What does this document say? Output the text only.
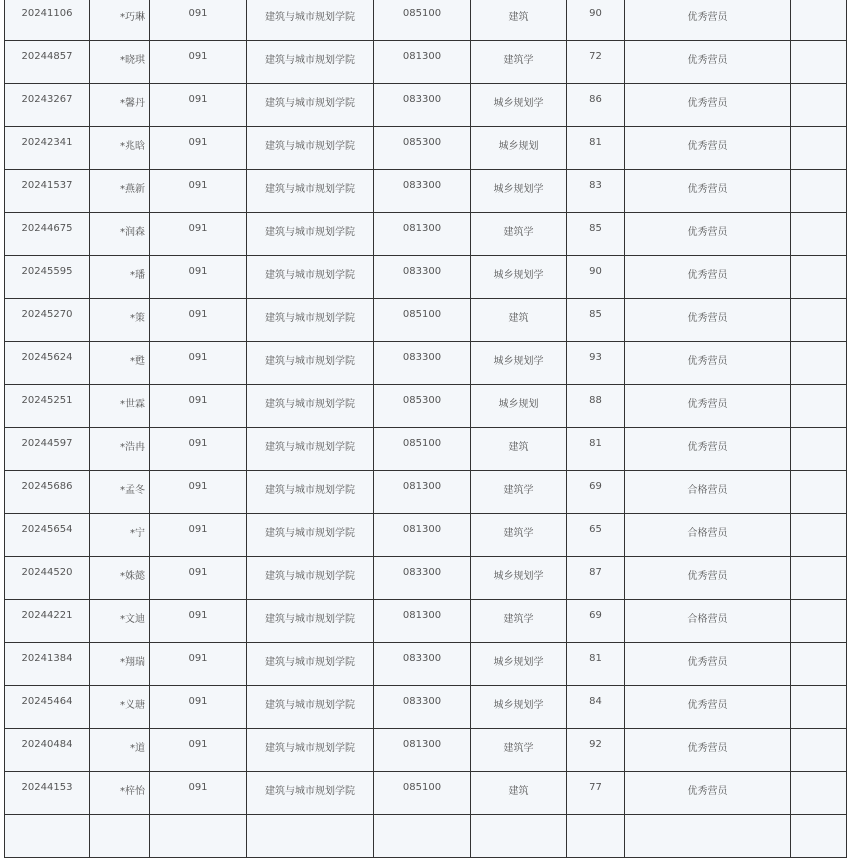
20241106	*巧琳	091	建筑与城市规划学院	085100	建筑	90	优秀营员
20244857	*晓琪	091	建筑与城市规划学院	081300	建筑学	72	优秀营员
20243267	*馨丹	091	建筑与城市规划学院	083300	城乡规划学	86	优秀营员
20242341	*兆晗	091	建筑与城市规划学院	085300	城乡规划	81	优秀营员
20241537	*燕新	091	建筑与城市规划学院	083300	城乡规划学	83	优秀营员
20244675	*润森	091	建筑与城市规划学院	081300	建筑学	85	优秀营员
20245595	*璠	091	建筑与城市规划学院	083300	城乡规划学	90	优秀营员
20245270	*策	091	建筑与城市规划学院	085100	建筑	85	优秀营员
20245624	*甦	091	建筑与城市规划学院	083300	城乡规划学	93	优秀营员
20245251	*世霖	091	建筑与城市规划学院	085300	城乡规划	88	优秀营员
20244597	*浩冉	091	建筑与城市规划学院	085100	建筑	81	优秀营员
20245686	*孟冬	091	建筑与城市规划学院	081300	建筑学	69	合格营员
20245654	*宁	091	建筑与城市规划学院	081300	建筑学	65	合格营员
20244520	*姝懿	091	建筑与城市规划学院	083300	城乡规划学	87	优秀营员
20244221	*文迪	091	建筑与城市规划学院	081300	建筑学	69	合格营员
20241384	*翔瑞	091	建筑与城市规划学院	083300	城乡规划学	81	优秀营员
20245464	*义瑭	091	建筑与城市规划学院	083300	城乡规划学	84	优秀营员
20240484	*道	091	建筑与城市规划学院	081300	建筑学	92	优秀营员
20244153	*梓怡	091	建筑与城市规划学院	085100	建筑	77	优秀营员
